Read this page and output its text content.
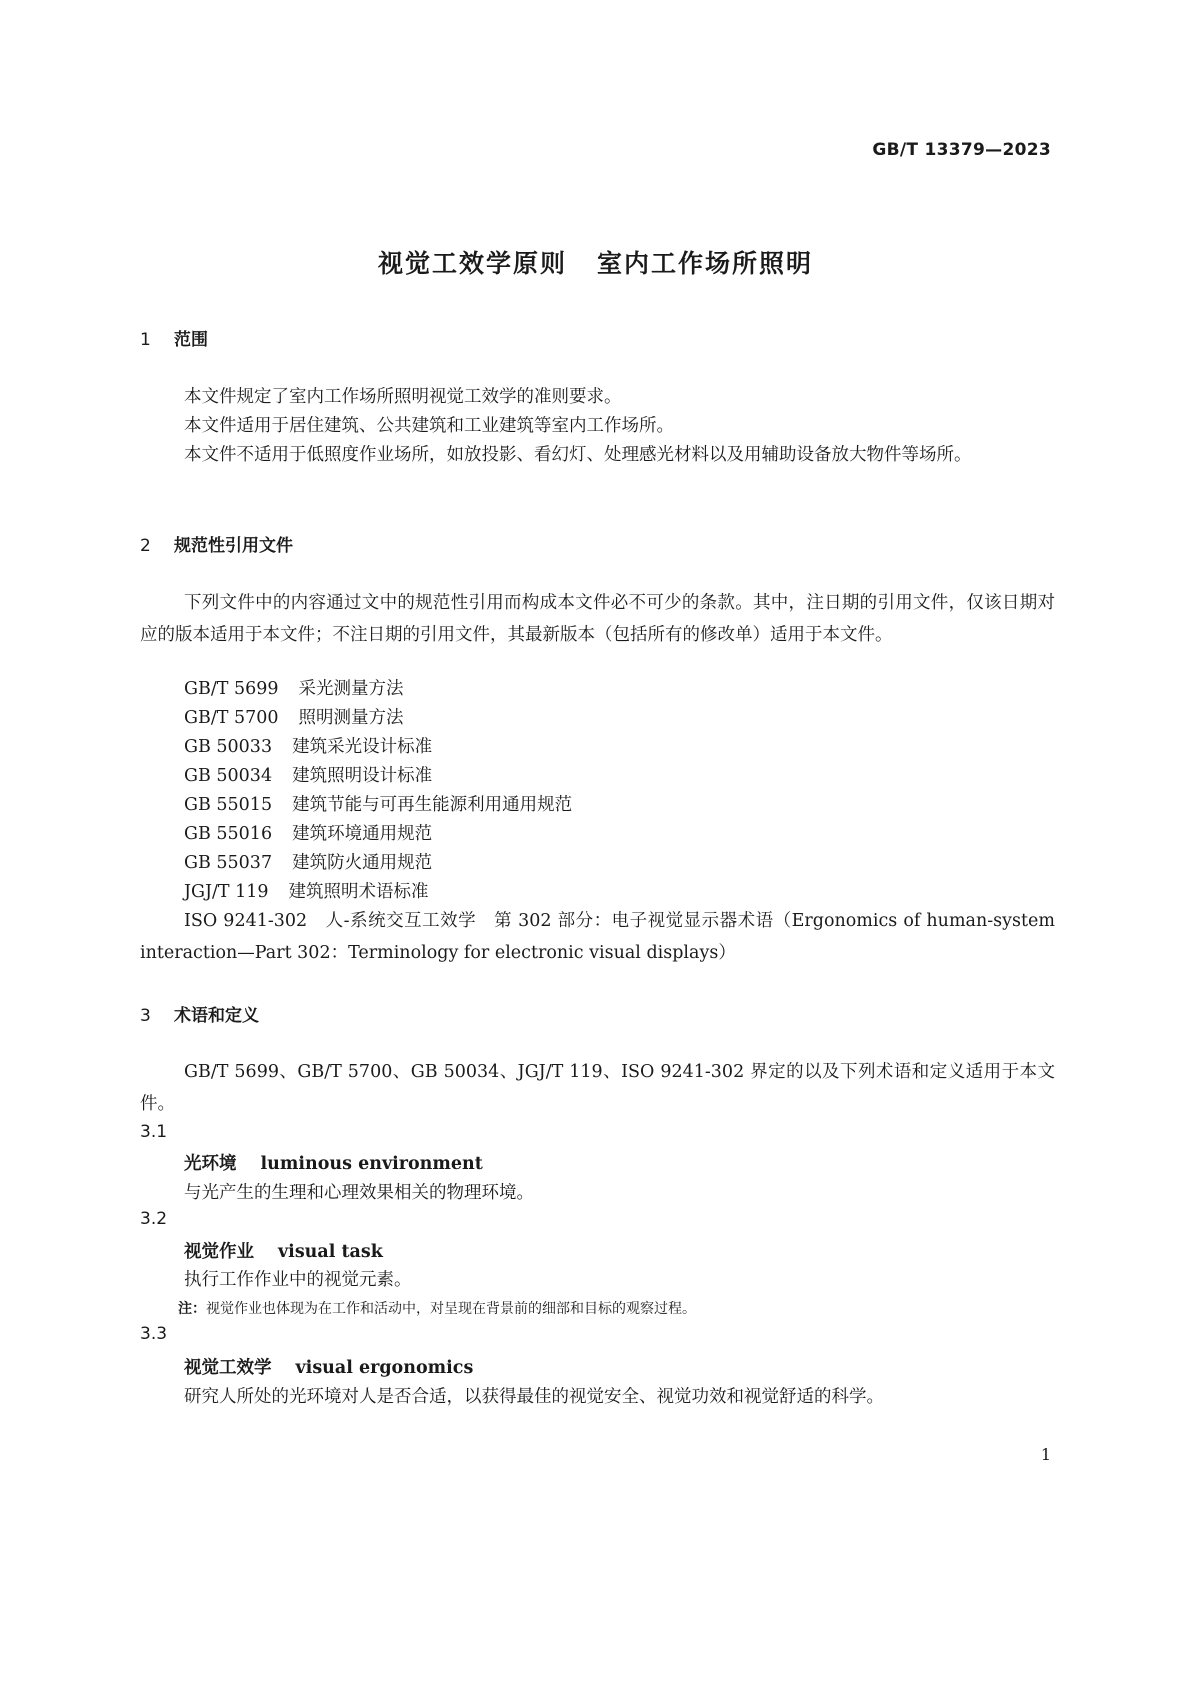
GB/T 13379—2023
视觉工效学原则 室内工作场所照明
1 范围
本文件规定了室内工作场所照明视觉工效学的准则要求。
本文件适用于居住建筑、公共建筑和工业建筑等室内工作场所。
本文件不适用于低照度作业场所，如放投影、看幻灯、处理感光材料以及用辅助设备放大物件等场所。
2 规范性引用文件
下列文件中的内容通过文中的规范性引用而构成本文件必不可少的条款。其中，注日期的引用文件，仅该日期对应的版本适用于本文件；不注日期的引用文件，其最新版本（包括所有的修改单）适用于本文件。
GB/T 5699 采光测量方法
GB/T 5700 照明测量方法
GB 50033 建筑采光设计标准
GB 50034 建筑照明设计标准
GB 55015 建筑节能与可再生能源利用通用规范
GB 55016 建筑环境通用规范
GB 55037 建筑防火通用规范
JGJ/T 119 建筑照明术语标准
ISO 9241-302　人-系统交互工效学　第 302 部分：电子视觉显示器术语（Ergonomics of human-system interaction—Part 302：Terminology for electronic visual displays）
3 术语和定义
GB/T 5699、GB/T 5700、GB 50034、JGJ/T 119、ISO 9241-302 界定的以及下列术语和定义适用于本文件。
3.1
光环境 luminous environment
与光产生的生理和心理效果相关的物理环境。
3.2
视觉作业 visual task
执行工作作业中的视觉元素。
注：视觉作业也体现为在工作和活动中，对呈现在背景前的细部和目标的观察过程。
3.3
视觉工效学 visual ergonomics
研究人所处的光环境对人是否合适，以获得最佳的视觉安全、视觉功效和视觉舒适的科学。
1
